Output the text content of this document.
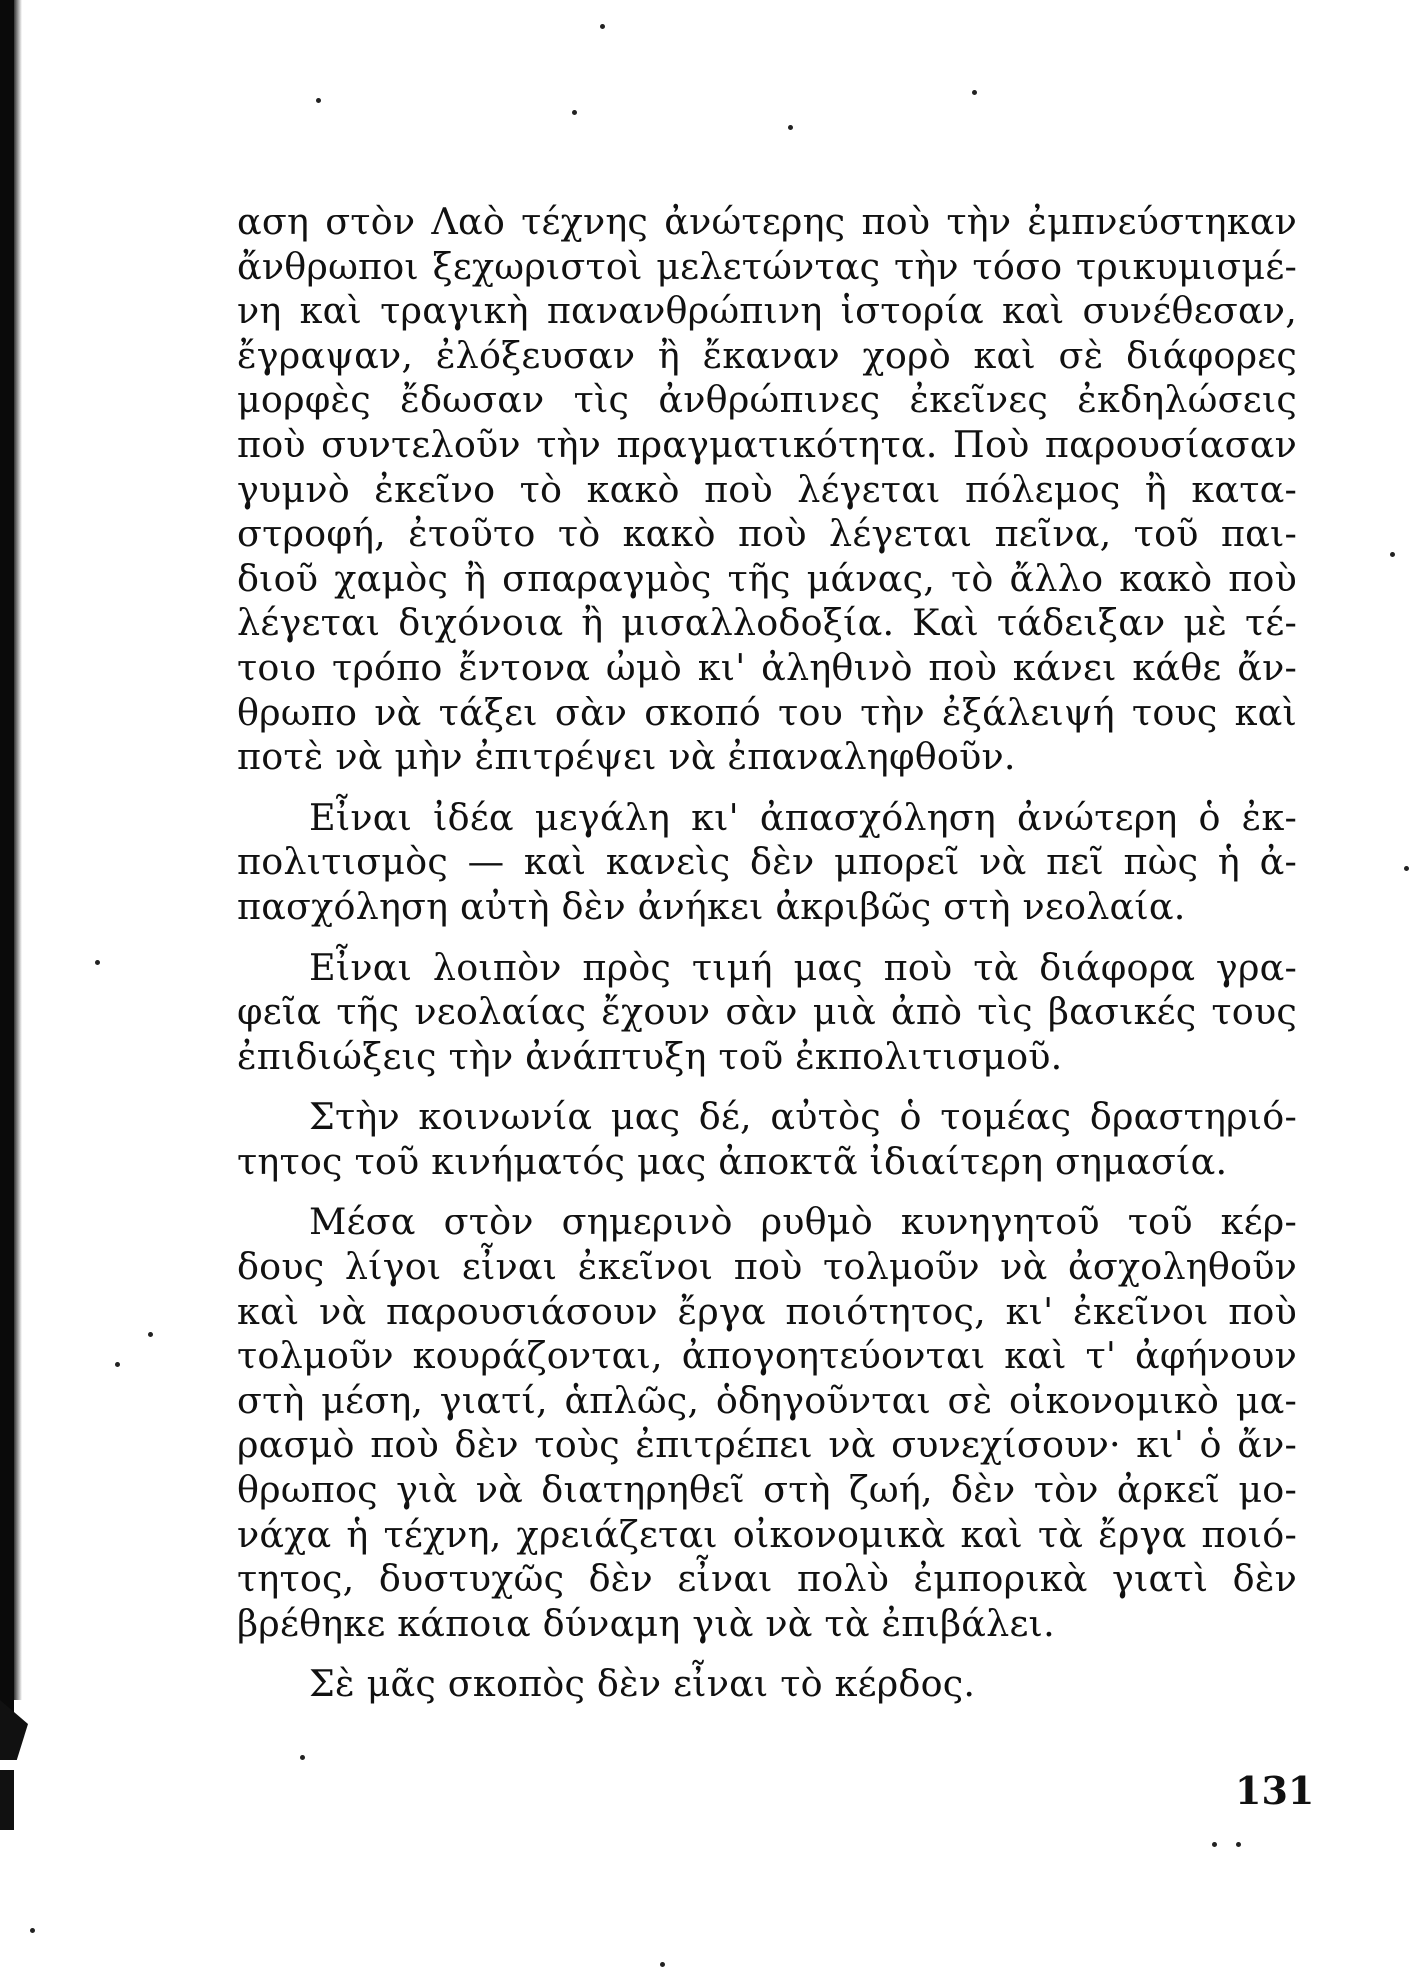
αση στὸν Λαὸ τέχνης ἀνώτερης ποὺ τὴν ἐμπνεύστηκαν
ἄνθρωποι ξεχωριστοὶ μελετώντας τὴν τόσο τρικυμισμέ-
νη καὶ τραγικὴ πανανθρώπινη ἱστορία καὶ συνέθεσαν,
ἔγραψαν, ἐλόξευσαν ἢ ἔκαναν χορὸ καὶ σὲ διάφορες
μορφὲς ἔδωσαν τὶς ἀνθρώπινες ἐκεῖνες ἐκδηλώσεις
ποὺ συντελοῦν τὴν πραγματικότητα. Ποὺ παρουσίασαν
γυμνὸ ἐκεῖνο τὸ κακὸ ποὺ λέγεται πόλεμος ἢ κατα-
στροφή, ἐτοῦτο τὸ κακὸ ποὺ λέγεται πεῖνα, τοῦ παι-
διοῦ χαμὸς ἢ σπαραγμὸς τῆς μάνας, τὸ ἄλλο κακὸ ποὺ
λέγεται διχόνοια ἢ μισαλλοδοξία. Καὶ τάδειξαν μὲ τέ-
τοιο τρόπο ἔντονα ὠμὸ κι' ἀληθινὸ ποὺ κάνει κάθε ἄν-
θρωπο νὰ τάξει σὰν σκοπό του τὴν ἐξάλειψή τους καὶ
ποτὲ νὰ μὴν ἐπιτρέψει νὰ ἐπαναληφθοῦν.
Εἶναι ἰδέα μεγάλη κι' ἀπασχόληση ἀνώτερη ὁ ἐκ-
πολιτισμὸς — καὶ κανεὶς δὲν μπορεῖ νὰ πεῖ πὼς ἡ ἀ-
πασχόληση αὐτὴ δὲν ἀνήκει ἀκριβῶς στὴ νεολαία.
Εἶναι λοιπὸν πρὸς τιμή μας ποὺ τὰ διάφορα γρα-
φεῖα τῆς νεολαίας ἔχουν σὰν μιὰ ἀπὸ τὶς βασικές τους
ἐπιδιώξεις τὴν ἀνάπτυξη τοῦ ἐκπολιτισμοῦ.
Στὴν κοινωνία μας δέ, αὐτὸς ὁ τομέας δραστηριό-
τητος τοῦ κινήματός μας ἀποκτᾶ ἰδιαίτερη σημασία.
Μέσα στὸν σημερινὸ ρυθμὸ κυνηγητοῦ τοῦ κέρ-
δους λίγοι εἶναι ἐκεῖνοι ποὺ τολμοῦν νὰ ἀσχοληθοῦν
καὶ νὰ παρουσιάσουν ἔργα ποιότητος, κι' ἐκεῖνοι ποὺ
τολμοῦν κουράζονται, ἀπογοητεύονται καὶ τ' ἀφήνουν
στὴ μέση, γιατί, ἁπλῶς, ὁδηγοῦνται σὲ οἰκονομικὸ μα-
ρασμὸ ποὺ δὲν τοὺς ἐπιτρέπει νὰ συνεχίσουν· κι' ὁ ἄν-
θρωπος γιὰ νὰ διατηρηθεῖ στὴ ζωή, δὲν τὸν ἀρκεῖ μο-
νάχα ἡ τέχνη, χρειάζεται οἰκονομικὰ καὶ τὰ ἔργα ποιό-
τητος, δυστυχῶς δὲν εἶναι πολὺ ἐμπορικὰ γιατὶ δὲν
βρέθηκε κάποια δύναμη γιὰ νὰ τὰ ἐπιβάλει.
Σὲ μᾶς σκοπὸς δὲν εἶναι τὸ κέρδος.
131
